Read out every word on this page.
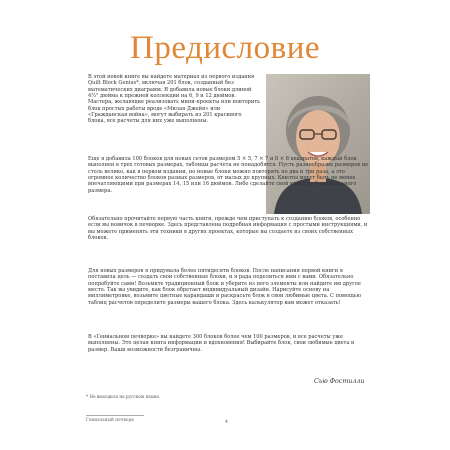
Предисловие

В этой новой книге вы найдете материал из первого издания Quilt Block Genius*, включая 201 блок, созданный без математических диаграмм. Я добавила новые блоки длиной 4½" дюйма к прежней коллекции на 6, 9 и 12 дюймов. Мастера, желающие реализовать мини-проекты или повторить блок простых работы вроде «Милая Джейн» или «Гражданская война», могут выбирать из 201 красивого блока, все расчеты для них уже выполнены.

Еще я добавила 100 блоков для новых сетов размером 5 × 5, 7 × 7 и 8 × 8 квадратов, каждый блок выполнен в трех готовых размерах, таблицы расчета не понадобятся. Пусть разнообразие размеров не столь велико, как в первом издании, но новые блоки можно повторять по два и три раза, а это огромное количество блоков разных размеров, от малых до крупных. Квилты могут быть не менее впечатляющими при размерах 14, 15 или 16 дюймов. Либо сделайте свой квилт из блоков разного размера.

Обязательно прочитайте первую часть книги, прежде чем приступать к созданию блоков, особенно если вы новичок в печворке. Здесь представлена подробная информация с простыми инструкциями, и вы можете применять эти техники в других проектах, которые вы создаете из своих собственных блоков.

Для новых размеров я придумала более пятидесяти блоков. После написания первой книги я поставила цель — создать свои собственные блоки, и я рада поделиться ими с вами. Обязательно попробуйте сами! Возьмите традиционный блок и уберите из него элементы или найдите им другое место. Так вы увидите, как блок обретает индивидуальный дизайн. Нарисуйте основу на миллиметровке, возьмите цветные карандаши и раскрасьте блок в свои любимые цвета. С помощью таблиц расчетов определите размеры вашего блока. Здесь калькулятор вам может отказать!

В «Гениальном печворке» вы найдете 300 блоков более чем 100 размеров, и все расчеты уже выполнены. Это целая книга информации и вдохновения! Выбирайте блок, свои любимые цвета и размер. Ваши возможности безграничны.

Сью Фостилли
* Не выходила на русском языке.
Гениальный печворк	4
